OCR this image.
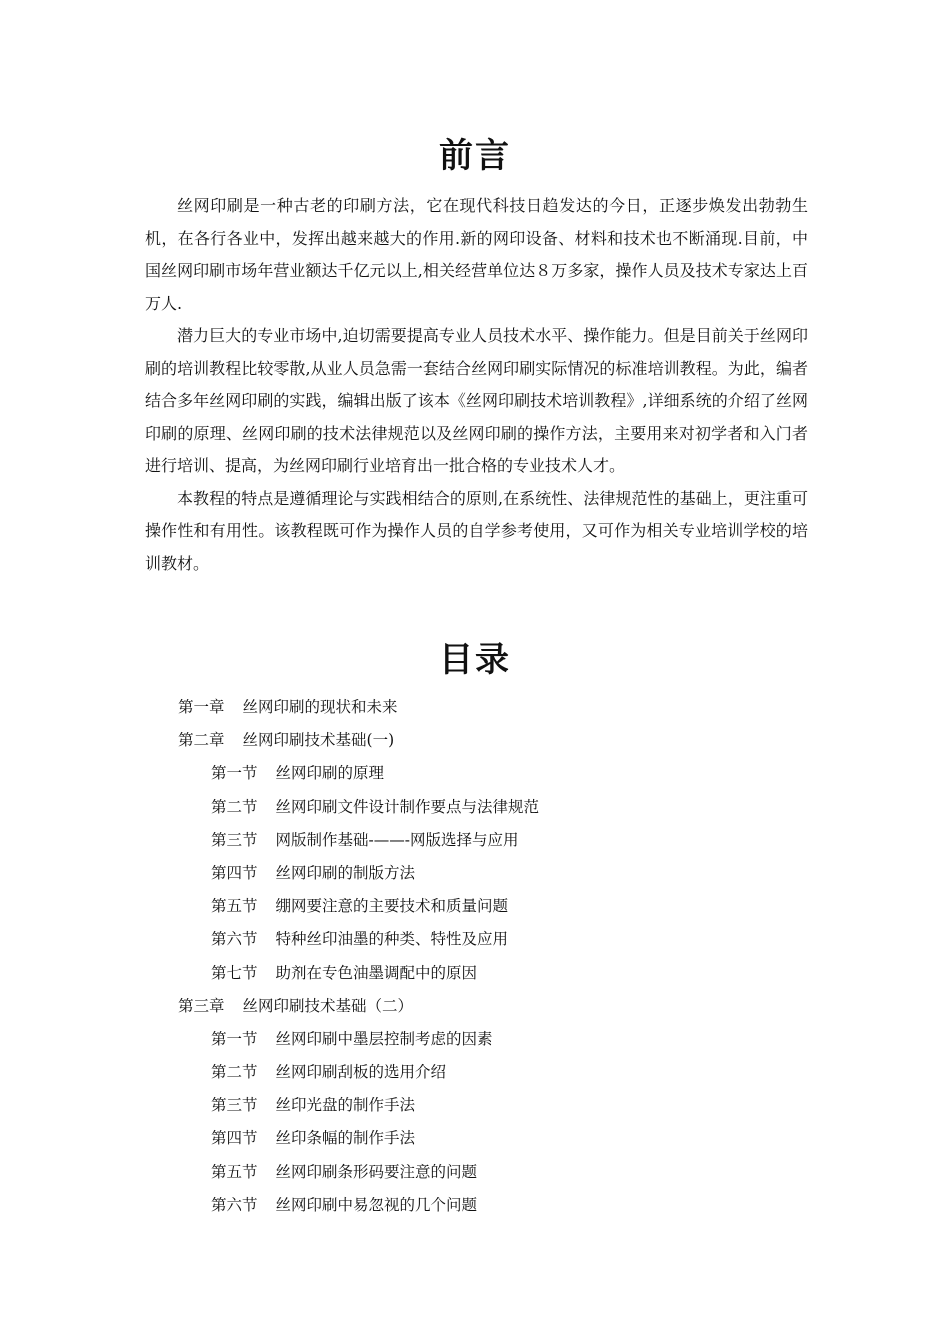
前言

丝网印刷是一种古老的印刷方法，它在现代科技日趋发达的今日，正逐步焕发出勃勃生机，在各行各业中，发挥出越来越大的作用.新的网印设备、材料和技术也不断涌现.目前，中国丝网印刷市场年营业额达千亿元以上,相关经营单位达８万多家，操作人员及技术专家达上百万人.

潜力巨大的专业市场中,迫切需要提高专业人员技术水平、操作能力。但是目前关于丝网印刷的培训教程比较零散,从业人员急需一套结合丝网印刷实际情况的标准培训教程。为此，编者结合多年丝网印刷的实践，编辑出版了该本《丝网印刷技术培训教程》,详细系统的介绍了丝网印刷的原理、丝网印刷的技术法律规范以及丝网印刷的操作方法，主要用来对初学者和入门者进行培训、提高，为丝网印刷行业培育出一批合格的专业技术人才。

本教程的特点是遵循理论与实践相结合的原则,在系统性、法律规范性的基础上，更注重可操作性和有用性。该教程既可作为操作人员的自学参考使用，又可作为相关专业培训学校的培训教材。

目录
第一章 丝网印刷的现状和未来
第二章 丝网印刷技术基础(一)
第一节 丝网印刷的原理
第二节 丝网印刷文件设计制作要点与法律规范
第三节 网版制作基础-——-网版选择与应用
第四节 丝网印刷的制版方法
第五节 绷网要注意的主要技术和质量问题
第六节 特种丝印油墨的种类、特性及应用
第七节 助剂在专色油墨调配中的原因
第三章 丝网印刷技术基础（二）
第一节 丝网印刷中墨层控制考虑的因素
第二节 丝网印刷刮板的选用介绍
第三节 丝印光盘的制作手法
第四节 丝印条幅的制作手法
第五节 丝网印刷条形码要注意的问题
第六节 丝网印刷中易忽视的几个问题
